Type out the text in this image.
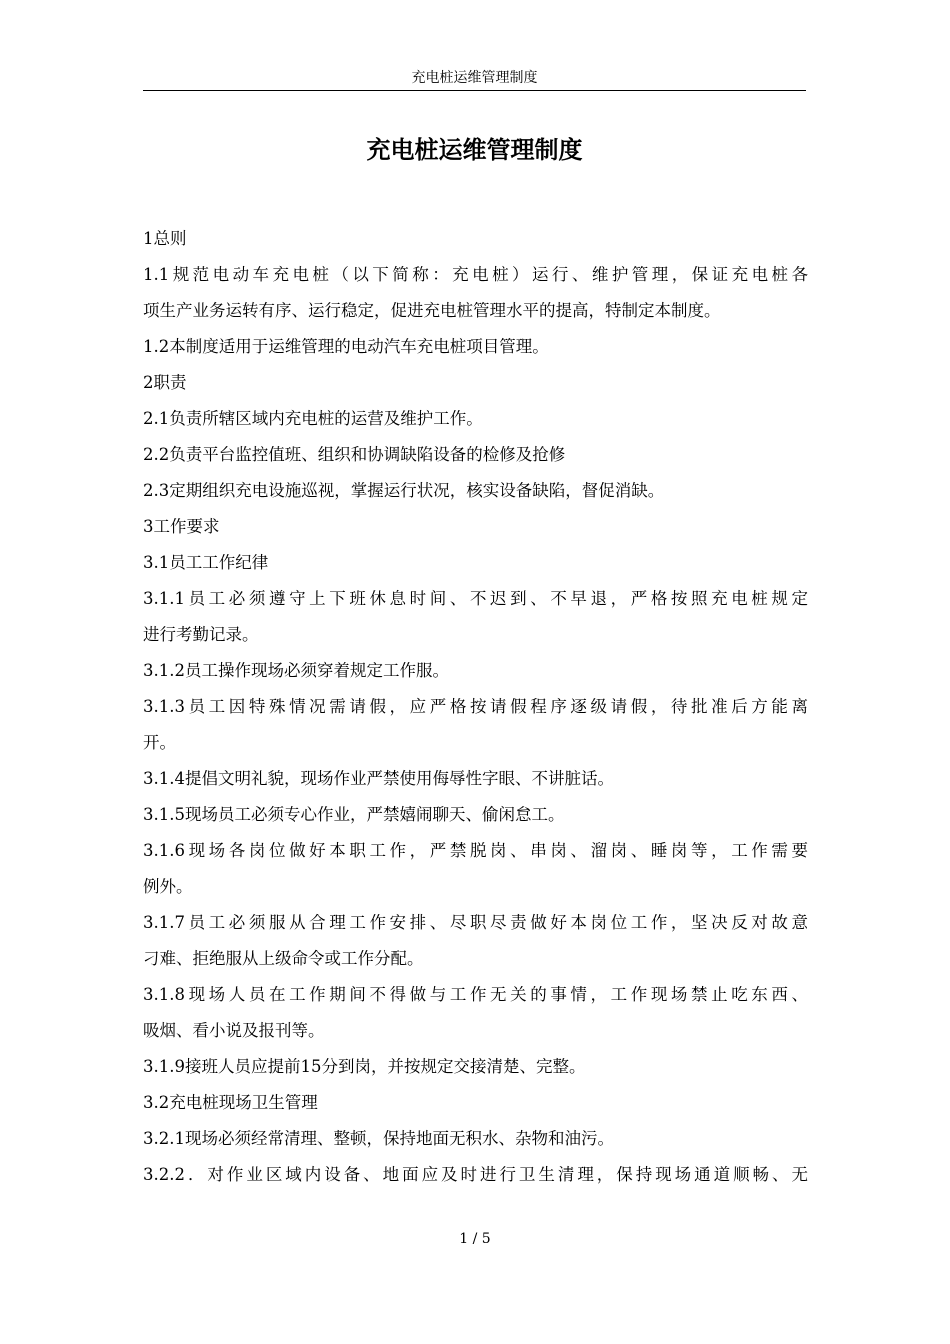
充电桩运维管理制度
充电桩运维管理制度

1总则

1.1规范电动车充电桩（以下简称：充电桩）运行、维护管理，保证充电桩各

项生产业务运转有序、运行稳定，促进充电桩管理水平的提高，特制定本制度。

1.2本制度适用于运维管理的电动汽车充电桩项目管理。

2职责

2.1负责所辖区域内充电桩的运营及维护工作。

2.2负责平台监控值班、组织和协调缺陷设备的检修及抢修

2.3定期组织充电设施巡视，掌握运行状况，核实设备缺陷，督促消缺。

3工作要求

3.1员工工作纪律

3.1.1员工必须遵守上下班休息时间、不迟到、不早退，严格按照充电桩规定

进行考勤记录。

3.1.2员工操作现场必须穿着规定工作服。

3.1.3员工因特殊情况需请假，应严格按请假程序逐级请假，待批准后方能离

开。

3.1.4提倡文明礼貌，现场作业严禁使用侮辱性字眼、不讲脏话。

3.1.5现场员工必须专心作业，严禁嬉闹聊天、偷闲怠工。

3.1.6现场各岗位做好本职工作，严禁脱岗、串岗、溜岗、睡岗等，工作需要

例外。

3.1.7员工必须服从合理工作安排、尽职尽责做好本岗位工作，坚决反对故意

刁难、拒绝服从上级命令或工作分配。

3.1.8现场人员在工作期间不得做与工作无关的事情，工作现场禁止吃东西、

吸烟、看小说及报刊等。

3.1.9接班人员应提前15分到岗，并按规定交接清楚、完整。

3.2充电桩现场卫生管理

3.2.1现场必须经常清理、整顿，保持地面无积水、杂物和油污。

3.2.2．对作业区域内设备、地面应及时进行卫生清理，保持现场通道顺畅、无

1 / 5
